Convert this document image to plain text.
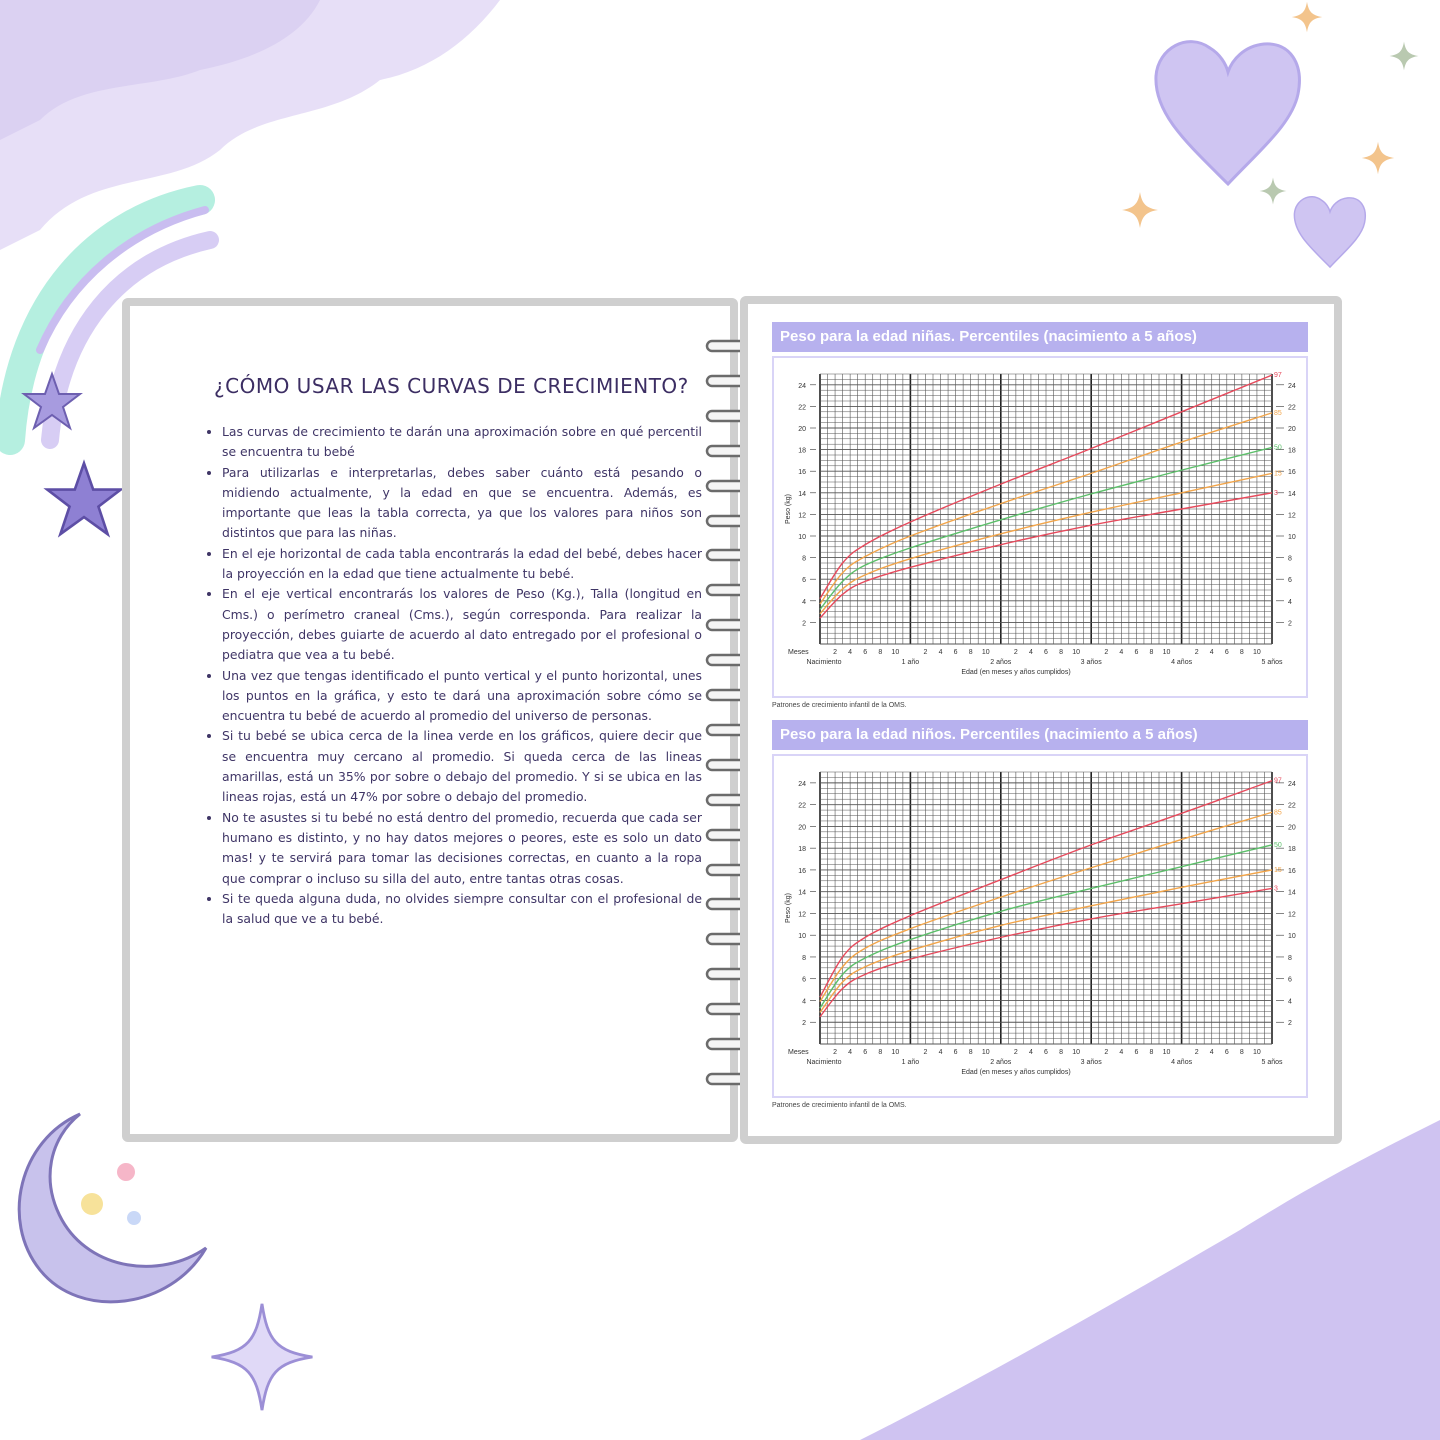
¿CÓMO USAR LAS CURVAS DE CRECIMIENTO?
• Las curvas de crecimiento te darán una aproximación sobre en qué percentil se encuentra tu bebé
• Para utilizarlas e interpretarlas, debes saber cuánto está pesando o midiendo actualmente, y la edad en que se encuentra. Además, es importante que leas la tabla correcta, ya que los valores para niños son distintos que para las niñas.
• En el eje horizontal de cada tabla encontrarás la edad del bebé, debes hacer la proyección en la edad que tiene actualmente tu bebé.
• En el eje vertical encontrarás los valores de Peso (Kg.), Talla (longitud en Cms.) o perímetro craneal (Cms.), según corresponda. Para realizar la proyección, debes guiarte de acuerdo al dato entregado por el profesional o pediatra que vea a tu bebé.
• Una vez que tengas identificado el punto vertical y el punto horizontal, unes los puntos en la gráfica, y esto te dará una aproximación sobre cómo se encuentra tu bebé de acuerdo al promedio del universo de personas.
• Si tu bebé se ubica cerca de la linea verde en los gráficos, quiere decir que se encuentra muy cercano al promedio. Si queda cerca de las lineas amarillas, está un 35% por sobre o debajo del promedio. Y si se ubica en las lineas rojas, está un 47% por sobre o debajo del promedio.
• No te asustes si tu bebé no está dentro del promedio, recuerda que cada ser humano es distinto, y no hay datos mejores o peores, este es solo un dato mas! y te servirá para tomar las decisiones correctas, en cuanto a la ropa que comprar o incluso su silla del auto, entre tantas otras cosas.
• Si te queda alguna duda, no olvides siempre consultar con el profesional de la salud que ve a tu bebé.
Peso para la edad niñas. Percentiles (nacimiento a 5 años)
2	2
4	4
6	6
8	8
10	10
12	12
14	14
16	16
18	18
20	20
22	22
24	24
Peso (kg)
Meses	2 4 6 8 10	2 4 6 8 10	2 4 6 8 10	2 4 6 8 10	2 4 6 8 10
Nacimiento	1 año	2 años	3 años	4 años	5 años
Edad (en meses y años cumplidos)
97
85
50
15
3
Patrones de crecimiento infantil de la OMS.
Peso para la edad niños. Percentiles (nacimiento a 5 años)
2	2
4	4
6	6
8	8
10	10
12	12
14	14
16	16
18	18
20	20
22	22
24	24
Peso (kg)
Meses	2 4 6 8 10	2 4 6 8 10	2 4 6 8 10	2 4 6 8 10	2 4 6 8 10
Nacimiento	1 año	2 años	3 años	4 años	5 años
Edad (en meses y años cumplidos)
97
85
50
15
3
Patrones de crecimiento infantil de la OMS.
